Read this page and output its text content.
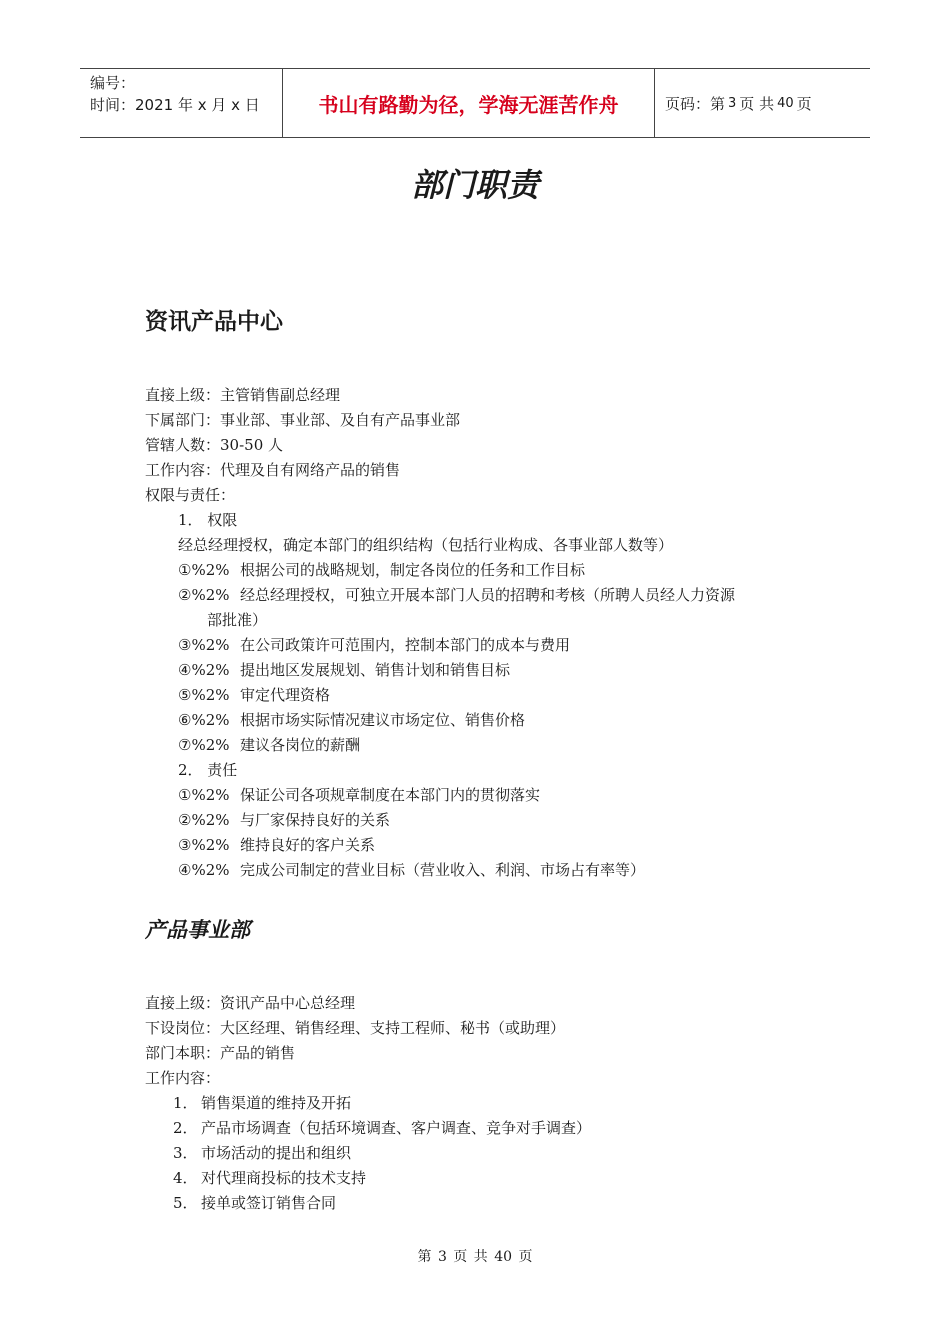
编号：
时间：2021 年 x 月 x 日	书山有路勤为径，学海无涯苦作舟	页码：第 3 页 共 40 页
部门职责
资讯产品中心
直接上级：主管销售副总经理
下属部门：事业部、事业部、及自有产品事业部
管辖人数：30-50 人
工作内容：代理及自有网络产品的销售
权限与责任：
1． 权限
经总经理授权，确定本部门的组织结构（包括行业构成、各事业部人数等）
①%2% 根据公司的战略规划，制定各岗位的任务和工作目标
②%2% 经总经理授权，可独立开展本部门人员的招聘和考核（所聘人员经人力资源
部批准）
③%2% 在公司政策许可范围内，控制本部门的成本与费用
④%2% 提出地区发展规划、销售计划和销售目标
⑤%2% 审定代理资格
⑥%2% 根据市场实际情况建议市场定位、销售价格
⑦%2% 建议各岗位的薪酬
2． 责任
①%2% 保证公司各项规章制度在本部门内的贯彻落实
②%2% 与厂家保持良好的关系
③%2% 维持良好的客户关系
④%2% 完成公司制定的营业目标（营业收入、利润、市场占有率等）
产品事业部
直接上级：资讯产品中心总经理
下设岗位：大区经理、销售经理、支持工程师、秘书（或助理）
部门本职：产品的销售
工作内容：
1． 销售渠道的维持及开拓
2． 产品市场调查（包括环境调查、客户调查、竞争对手调查）
3． 市场活动的提出和组织
4． 对代理商投标的技术支持
5． 接单或签订销售合同
第 3 页 共 40 页
